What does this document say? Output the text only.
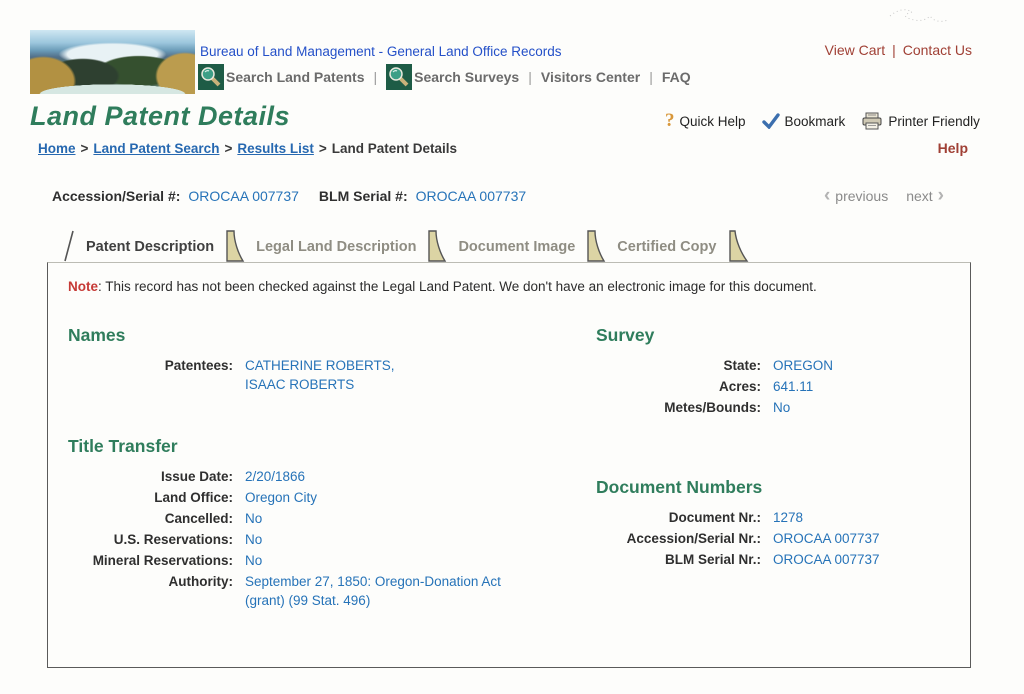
Bureau of Land Management - General Land Office Records	View Cart | Contact Us
Search Land Patents |	Search Surveys | Visitors Center | FAQ
Land Patent Details	? Quick Help	Bookmark	Printer Friendly
Home > Land Patent Search > Results List > Land Patent Details	Help
Accession/Serial #: OROCAA 007737 BLM Serial #: OROCAA 007737	‹ previous next ›
Patent Description	Legal Land Description	Document Image	Certified Copy
Note: This record has not been checked against the Legal Land Patent. We don't have an electronic image for this document.
Names
Patentees: CATHERINE ROBERTS,
ISAAC ROBERTS
Title Transfer
Issue Date: 2/20/1866
Land Office: Oregon City
Cancelled: No
U.S. Reservations: No
Mineral Reservations: No
Authority: September 27, 1850: Oregon-Donation Act
(grant) (99 Stat. 496)
Survey
State: OREGON
Acres: 641.11
Metes/Bounds: No
Document Numbers
Document Nr.: 1278
Accession/Serial Nr.: OROCAA 007737
BLM Serial Nr.: OROCAA 007737
